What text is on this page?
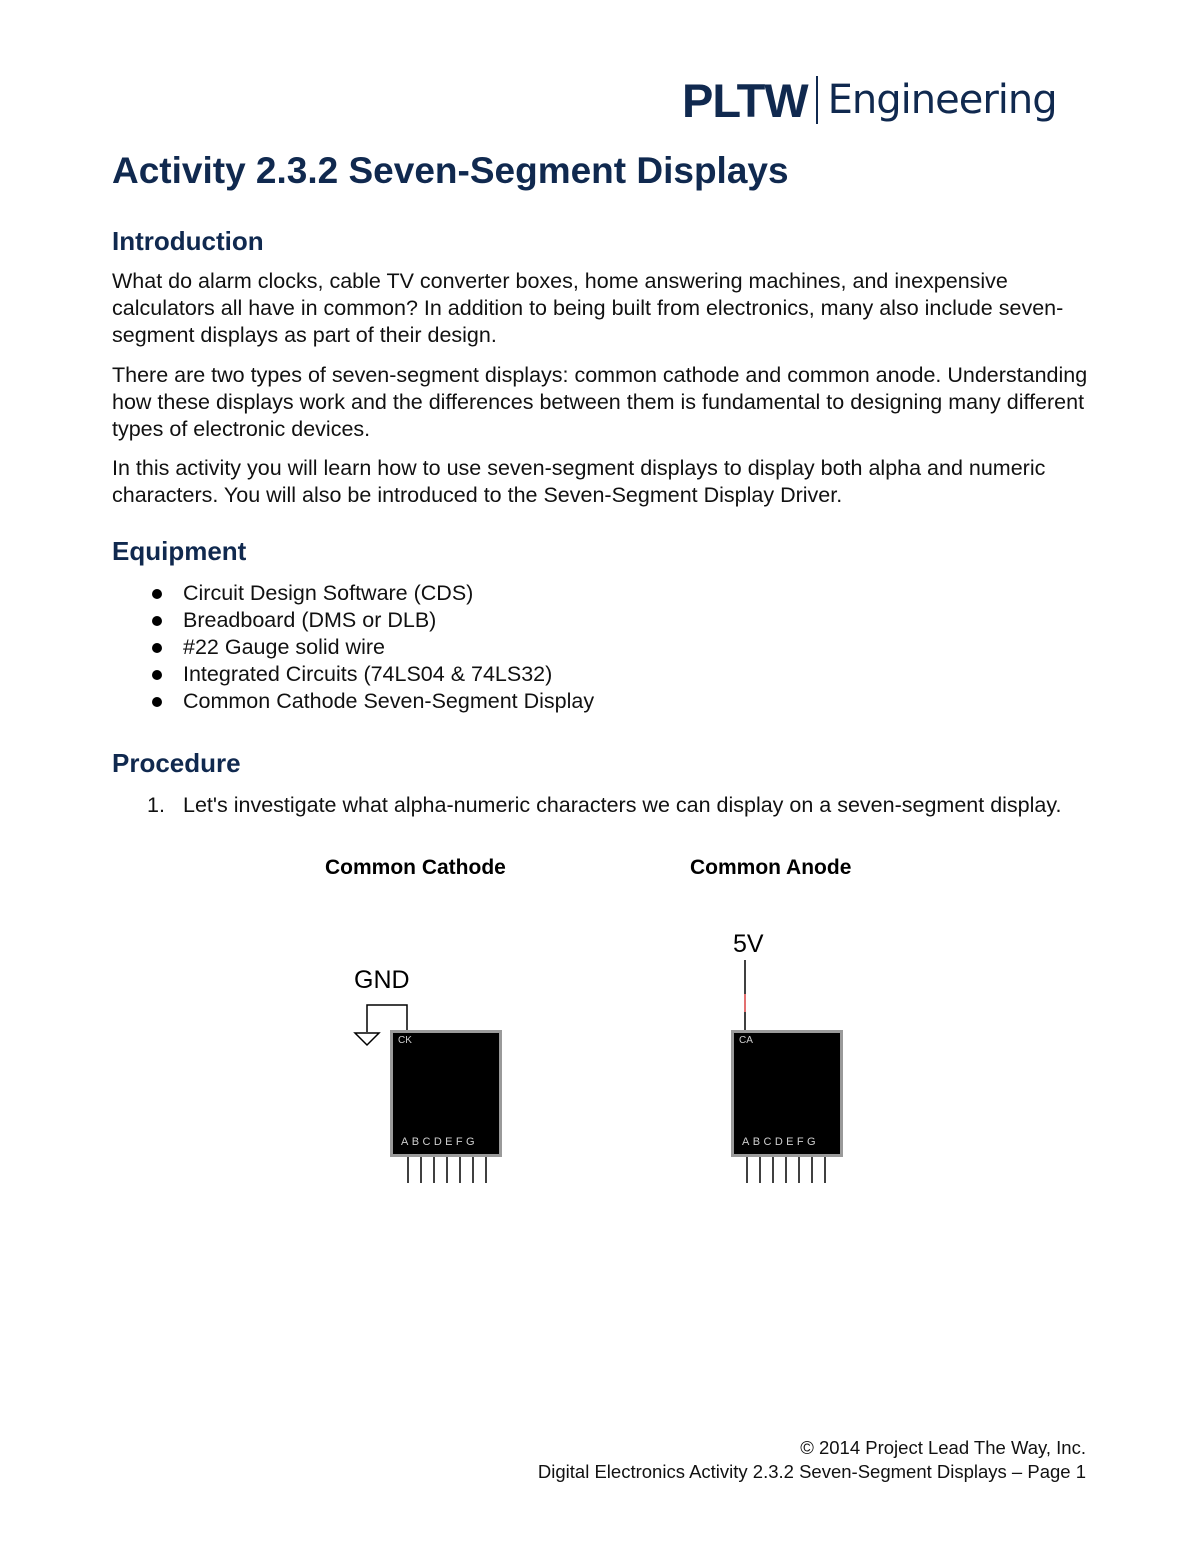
PLTW Engineering
Activity 2.3.2 Seven-Segment Displays
Introduction

What do alarm clocks, cable TV converter boxes, home answering machines, and inexpensive calculators all have in common? In addition to being built from electronics, many also include seven-segment displays as part of their design.

There are two types of seven-segment displays: common cathode and common anode. Understanding how these displays work and the differences between them is fundamental to designing many different types of electronic devices.

In this activity you will learn how to use seven-segment displays to display both alpha and numeric characters. You will also be introduced to the Seven-Segment Display Driver.

Equipment
Circuit Design Software (CDS)
Breadboard (DMS or DLB)
#22 Gauge solid wire
Integrated Circuits (74LS04 & 74LS32)
Common Cathode Seven-Segment Display
Procedure
1. Let's investigate what alpha-numeric characters we can display on a seven-segment display.
Common Cathode	Common Anode
GND
CK
ABCDEFG
5V
CA
ABCDEFG
© 2014 Project Lead The Way, Inc.
Digital Electronics Activity 2.3.2 Seven-Segment Displays – Page 1
